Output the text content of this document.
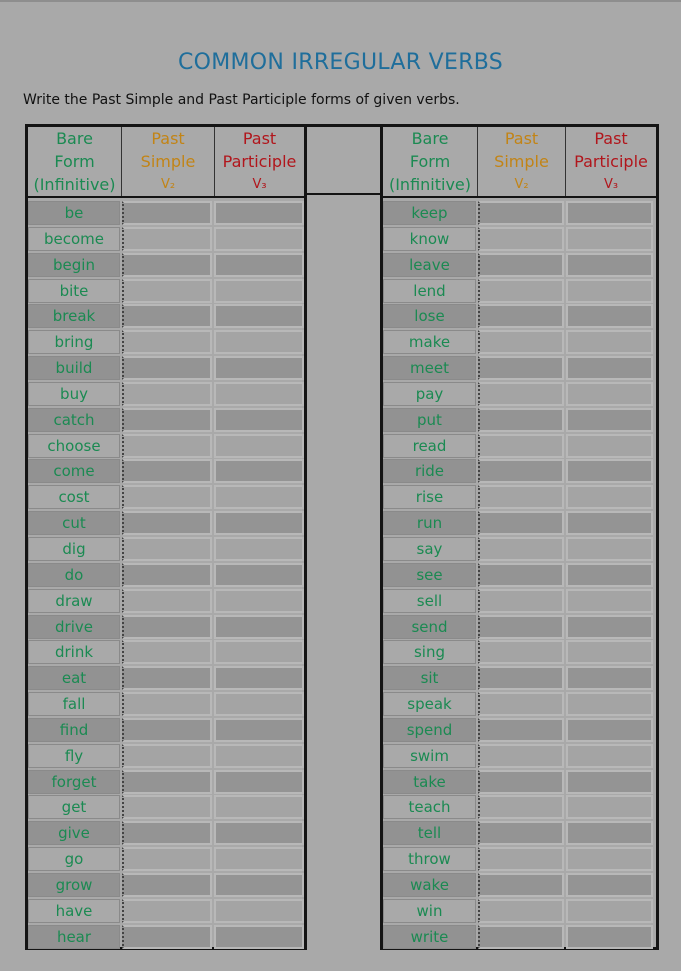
COMMON IRREGULAR VERBS
Write the Past Simple and Past Participle forms of given verbs.
Bare
Form
(Infinitive)
Past
Simple
V₂
Past
Participle
V₃
be
become
begin
bite
break
bring
build
buy
catch
choose
come
cost
cut
dig
do
draw
drive
drink
eat
fall
find
fly
forget
get
give
go
grow
have
hear
Bare
Form
(Infinitive)
Past
Simple
V₂
Past
Participle
V₃
keep
know
leave
lend
lose
make
meet
pay
put
read
ride
rise
run
say
see
sell
send
sing
sit
speak
spend
swim
take
teach
tell
throw
wake
win
write
